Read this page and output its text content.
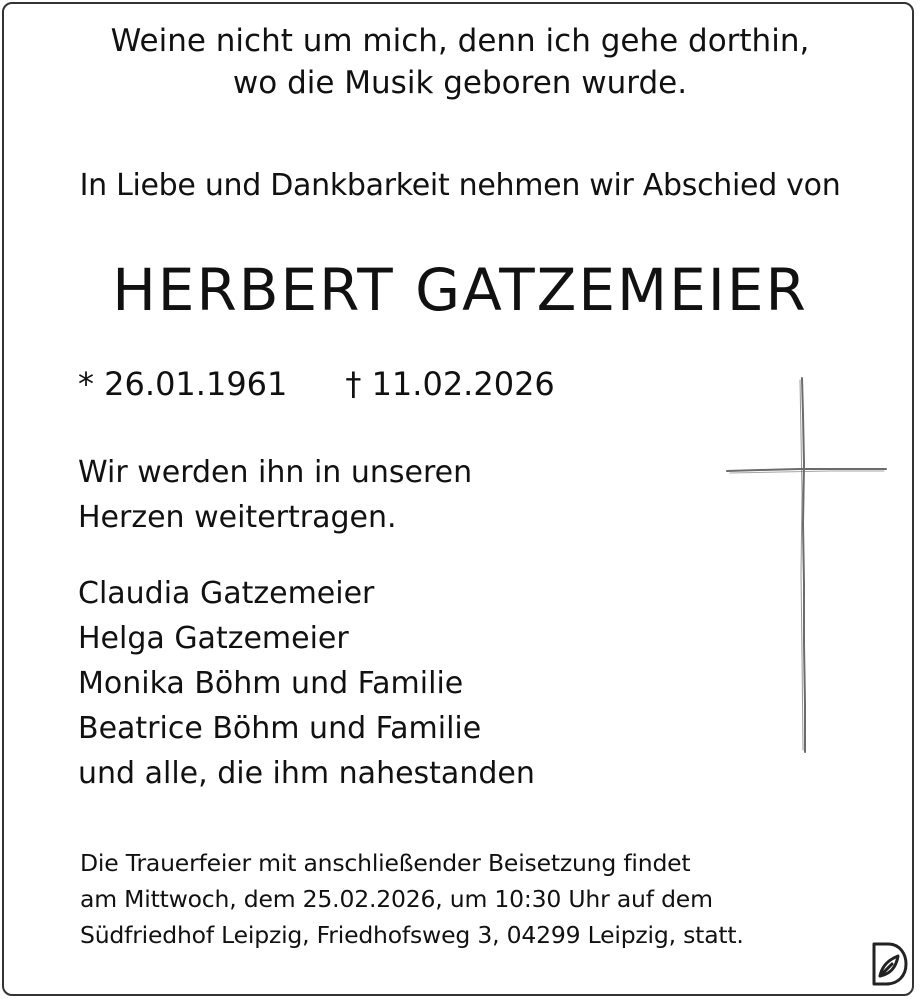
Weine nicht um mich, denn ich gehe dorthin,
wo die Musik geboren wurde.
In Liebe und Dankbarkeit nehmen wir Abschied von
HERBERT GATZEMEIER
* 26.01.1961 † 11.02.2026
Wir werden ihn in unseren
Herzen weitertragen.
Claudia Gatzemeier
Helga Gatzemeier
Monika Böhm und Familie
Beatrice Böhm und Familie
und alle, die ihm nahestanden
Die Trauerfeier mit anschließender Beisetzung findet
am Mittwoch, dem 25.02.2026, um 10:30 Uhr auf dem
Südfriedhof Leipzig, Friedhofsweg 3, 04299 Leipzig, statt.
